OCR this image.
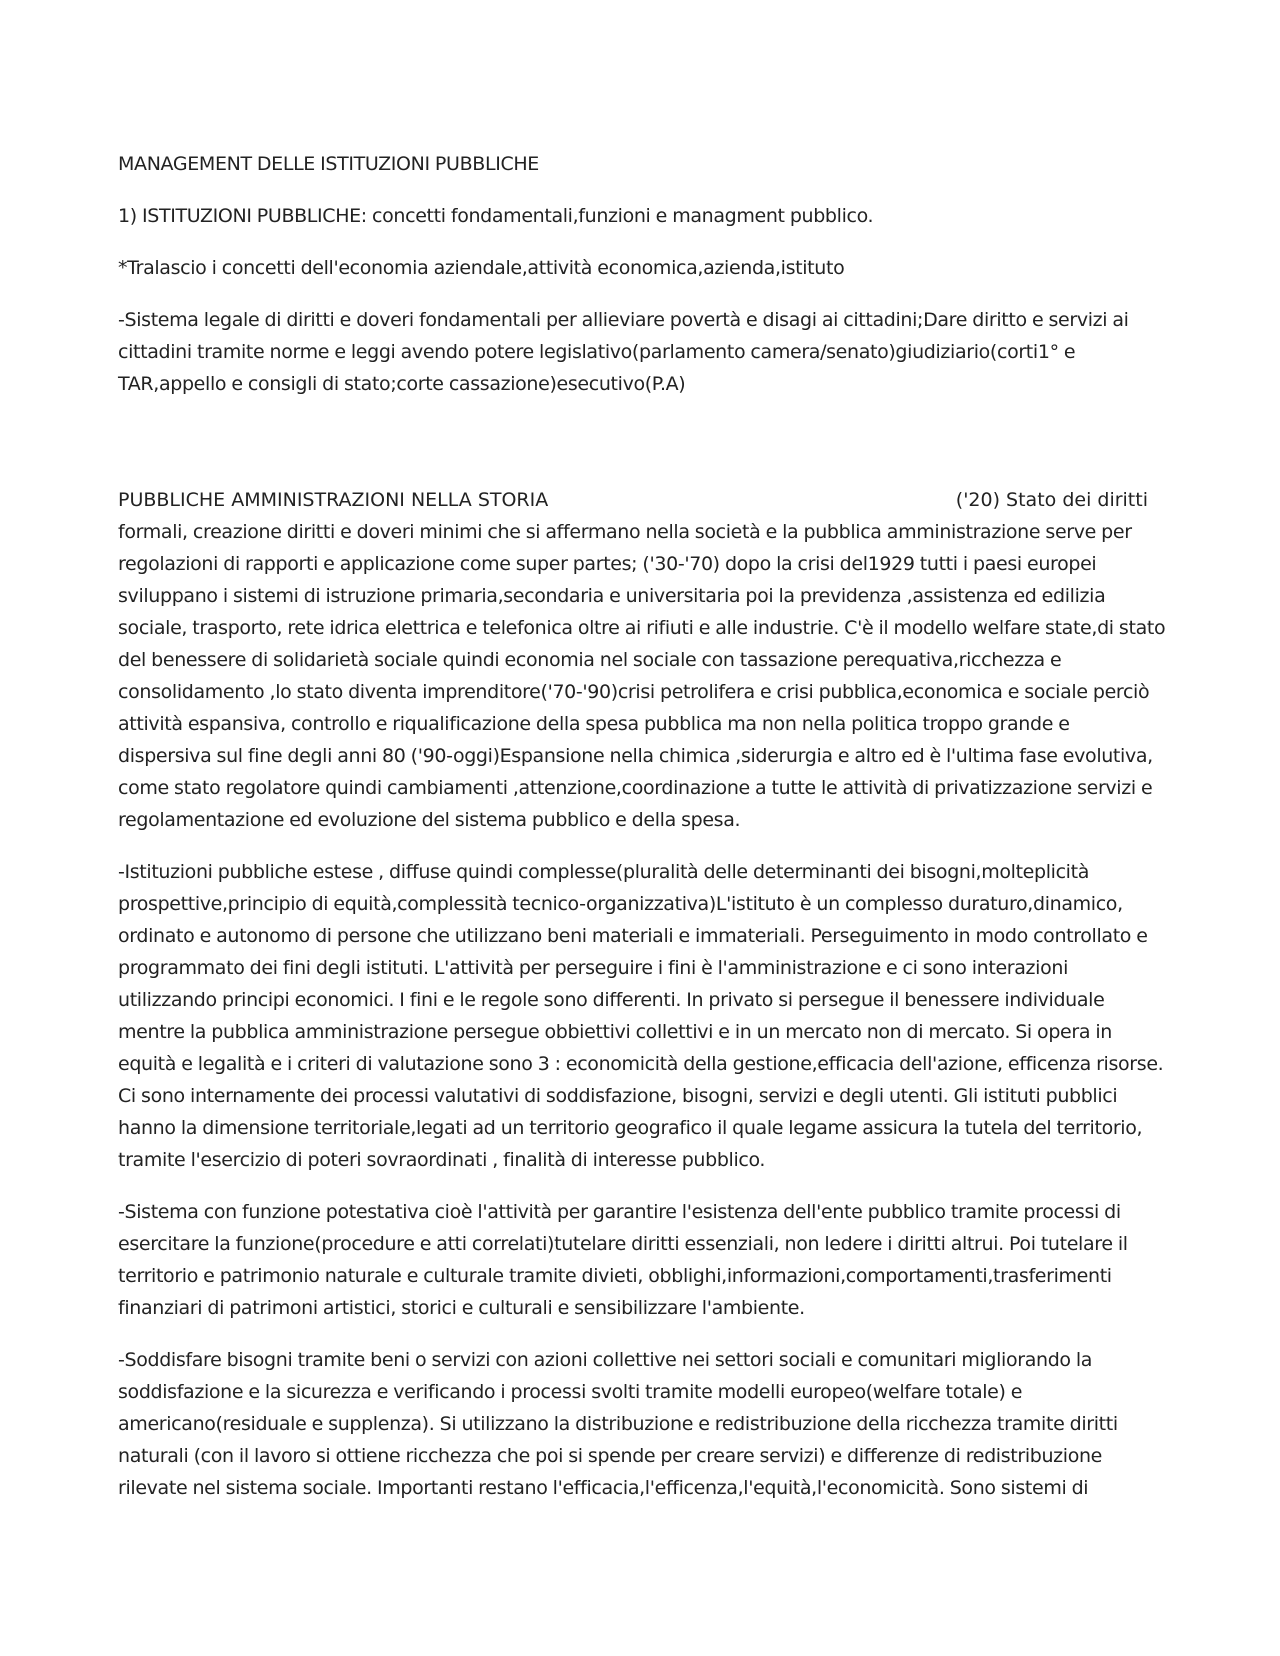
MANAGEMENT DELLE ISTITUZIONI PUBBLICHE

1) ISTITUZIONI PUBBLICHE: concetti fondamentali,funzioni e managment pubblico.

*Tralascio i concetti dell'economia aziendale,attività economica,azienda,istituto

-Sistema legale di diritti e doveri fondamentali per allieviare povertà e disagi ai cittadini;Dare diritto e servizi ai cittadini tramite norme e leggi avendo potere legislativo(parlamento camera/senato)giudiziario(corti1° e TAR,appello e consigli di stato;corte cassazione)esecutivo(P.A)

PUBBLICHE AMMINISTRAZIONI NELLA STORIA	('20) Stato dei diritti

formali, creazione diritti e doveri minimi che si affermano nella società e la pubblica amministrazione serve per regolazioni di rapporti e applicazione come super partes; ('30-'70) dopo la crisi del1929 tutti i paesi europei sviluppano i sistemi di istruzione primaria,secondaria e universitaria poi la previdenza ,assistenza ed edilizia sociale, trasporto, rete idrica elettrica e telefonica oltre ai rifiuti e alle industrie. C'è il modello welfare state,di stato del benessere di solidarietà sociale quindi economia nel sociale con tassazione perequativa,ricchezza e consolidamento ,lo stato diventa imprenditore('70-'90)crisi petrolifera e crisi pubblica,economica e sociale perciò attività espansiva, controllo e riqualificazione della spesa pubblica ma non nella politica troppo grande e dispersiva sul fine degli anni 80 ('90-oggi)Espansione nella chimica ,siderurgia e altro ed è l'ultima fase evolutiva, come stato regolatore quindi cambiamenti ,attenzione,coordinazione a tutte le attività di privatizzazione servizi e regolamentazione ed evoluzione del sistema pubblico e della spesa.

-Istituzioni pubbliche estese , diffuse quindi complesse(pluralità delle determinanti dei bisogni,molteplicità prospettive,principio di equità,complessità tecnico-organizzativa)L'istituto è un complesso duraturo,dinamico, ordinato e autonomo di persone che utilizzano beni materiali e immateriali. Perseguimento in modo controllato e programmato dei fini degli istituti. L'attività per perseguire i fini è l'amministrazione e ci sono interazioni utilizzando principi economici. I fini e le regole sono differenti. In privato si persegue il benessere individuale mentre la pubblica amministrazione persegue obbiettivi collettivi e in un mercato non di mercato. Si opera in equità e legalità e i criteri di valutazione sono 3 : economicità della gestione,efficacia dell'azione, efficenza risorse. Ci sono internamente dei processi valutativi di soddisfazione, bisogni, servizi e degli utenti. Gli istituti pubblici hanno la dimensione territoriale,legati ad un territorio geografico il quale legame assicura la tutela del territorio, tramite l'esercizio di poteri sovraordinati , finalità di interesse pubblico.

-Sistema con funzione potestativa cioè l'attività per garantire l'esistenza dell'ente pubblico tramite processi di esercitare la funzione(procedure e atti correlati)tutelare diritti essenziali, non ledere i diritti altrui. Poi tutelare il territorio e patrimonio naturale e culturale tramite divieti, obblighi,informazioni,comportamenti,trasferimenti finanziari di patrimoni artistici, storici e culturali e sensibilizzare l'ambiente.

-Soddisfare bisogni tramite beni o servizi con azioni collettive nei settori sociali e comunitari migliorando la soddisfazione e la sicurezza e verificando i processi svolti tramite modelli europeo(welfare totale) e americano(residuale e supplenza). Si utilizzano la distribuzione e redistribuzione della ricchezza tramite diritti naturali (con il lavoro si ottiene ricchezza che poi si spende per creare servizi) e differenze di redistribuzione rilevate nel sistema sociale. Importanti restano l'efficacia,l'efficenza,l'equità,l'economicità. Sono sistemi di
